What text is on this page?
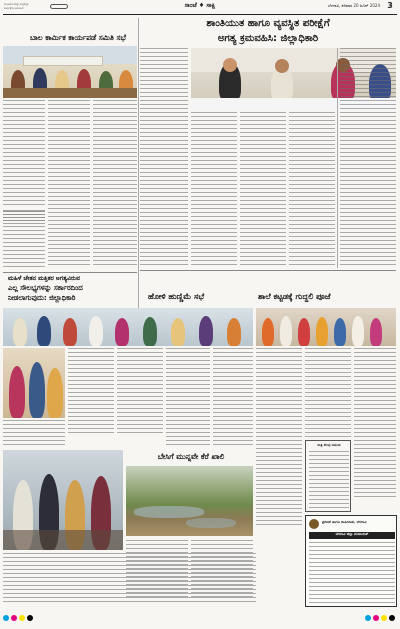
ಶಾಂತಿಯುತ ಮತ್ತು ಸುವ್ಯವಸ್ಥಿತ
ಕಾರ್ಯಕ್ರಮ ಆಯೋಜನೆ	ಸಾಂಜೆ ♦ ಸಾಕ್ಷಿ	ಬೆಳಗಾವಿ, ಶನಿವಾರ 20 ಜೂನ್ 2024 3
ಬಾಲ ಕಾರ್ಮಿಕ ಕಾರ್ಯಪಡೆ ಸಮಿತಿ ಸಭೆ
ಮಹಿಳೆ ಚೇತನ ಮತ್ತಿತರ ಅಗತ್ಯವಿರುವ
ಎಲ್ಲ ಸೌಲಭ್ಯಗಳನ್ನು ಸರ್ಕಾರದಿಂದ
ನೀಡಲಾಗುವುದು: ಜಿಲ್ಲಾಧಿಕಾರಿ
ಶಾಂತಿಯುತ ಹಾಗೂ ವ್ಯವಸ್ಥಿತ ಪರೀಕ್ಷೆಗೆ
ಅಗತ್ಯ ಕ್ರಮವಹಿಸಿ: ಜಿಲ್ಲಾಧಿಕಾರಿ
ಹೋಳಿ ಹುಣ್ಣಿಮೆ ಸಭೆ	ಶಾಲೆ ಕಟ್ಟಡಕ್ಕೆ ಗುದ್ದಲಿ ಪೂಜೆ
ರಾತ್ರಿ ಕೆಲವು ಸಮಯ
ಬೇಸಿಗೆ ಮುನ್ನವೇ ಕೆರೆ ಖಾಲಿ
ಪ್ರಕಟಣೆ ಹಾಗೂ ಜಾಹೀರಾತು, ಬೆಳಗಾವಿ
ಬೆಳಗಾವಿ ಜಿಲ್ಲಾ ಪಂಚಾಯತ್
